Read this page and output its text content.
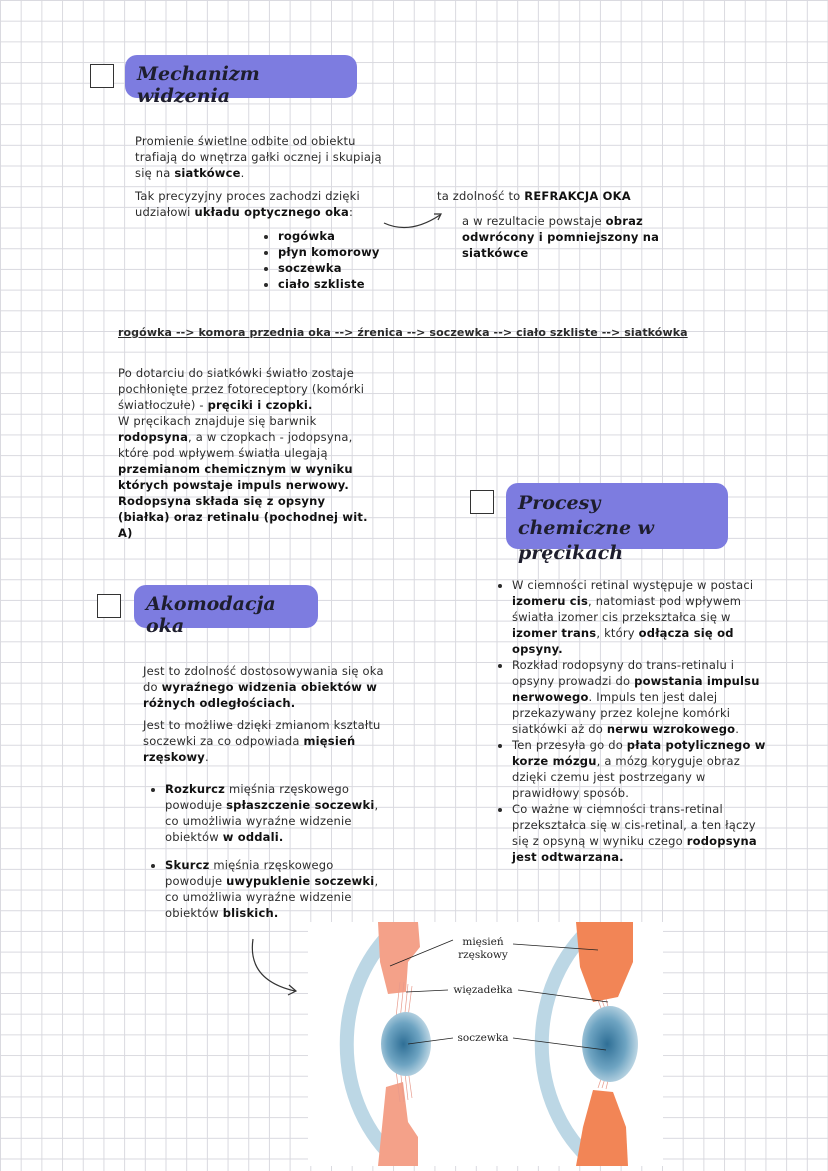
Mechanizm widzenia
Promienie świetlne odbite od obiektu trafiają do wnętrza gałki ocznej i skupiają się na siatkówce.
Tak precyzyjny proces zachodzi dzięki udziałowi układu optycznego oka:
• rogówka
• płyn komorowy
• soczewka
• ciało szkliste
ta zdolność to REFRAKCJA OKA
a w rezultacie powstaje obraz odwrócony i pomniejszony na siatkówce
rogówka --> komora przednia oka --> źrenica --> soczewka --> ciało szkliste --> siatkówka
Po dotarciu do siatkówki światło zostaje pochłonięte przez fotoreceptory (komórki światłoczułe) - pręciki i czopki.
W pręcikach znajduje się barwnik rodopsyna, a w czopkach - jodopsyna, które pod wpływem światła ulegają przemianom chemicznym w wyniku których powstaje impuls nerwowy. Rodopsyna składa się z opsyny (białka) oraz retinalu (pochodnej wit. A)
Procesy chemiczne w pręcikach
• W ciemności retinal występuje w postaci izomeru cis, natomiast pod wpływem światła izomer cis przekształca się w izomer trans, który odłącza się od opsyny.
• Rozkład rodopsyny do trans-retinalu i opsyny prowadzi do powstania impulsu nerwowego. Impuls ten jest dalej przekazywany przez kolejne komórki siatkówki aż do nerwu wzrokowego.
• Ten przesyła go do płata potylicznego w korze mózgu, a mózg koryguje obraz dzięki czemu jest postrzegany w prawidłowy sposób.
• Co ważne w ciemności trans-retinal przekształca się w cis-retinal, a ten łączy się z opsyną w wyniku czego rodopsyna jest odtwarzana.
Akomodacja oka
Jest to zdolność dostosowywania się oka do wyraźnego widzenia obiektów w różnych odległościach.
Jest to możliwe dzięki zmianom kształtu soczewki za co odpowiada mięsień rzęskowy.
• Rozkurcz mięśnia rzęskowego powoduje spłaszczenie soczewki, co umożliwia wyraźne widzenie obiektów w oddali.
• Skurcz mięśnia rzęskowego powoduje uwypuklenie soczewki, co umożliwia wyraźne widzenie obiektów bliskich.
mięsień
rzęskowy
więzadełka
soczewka
